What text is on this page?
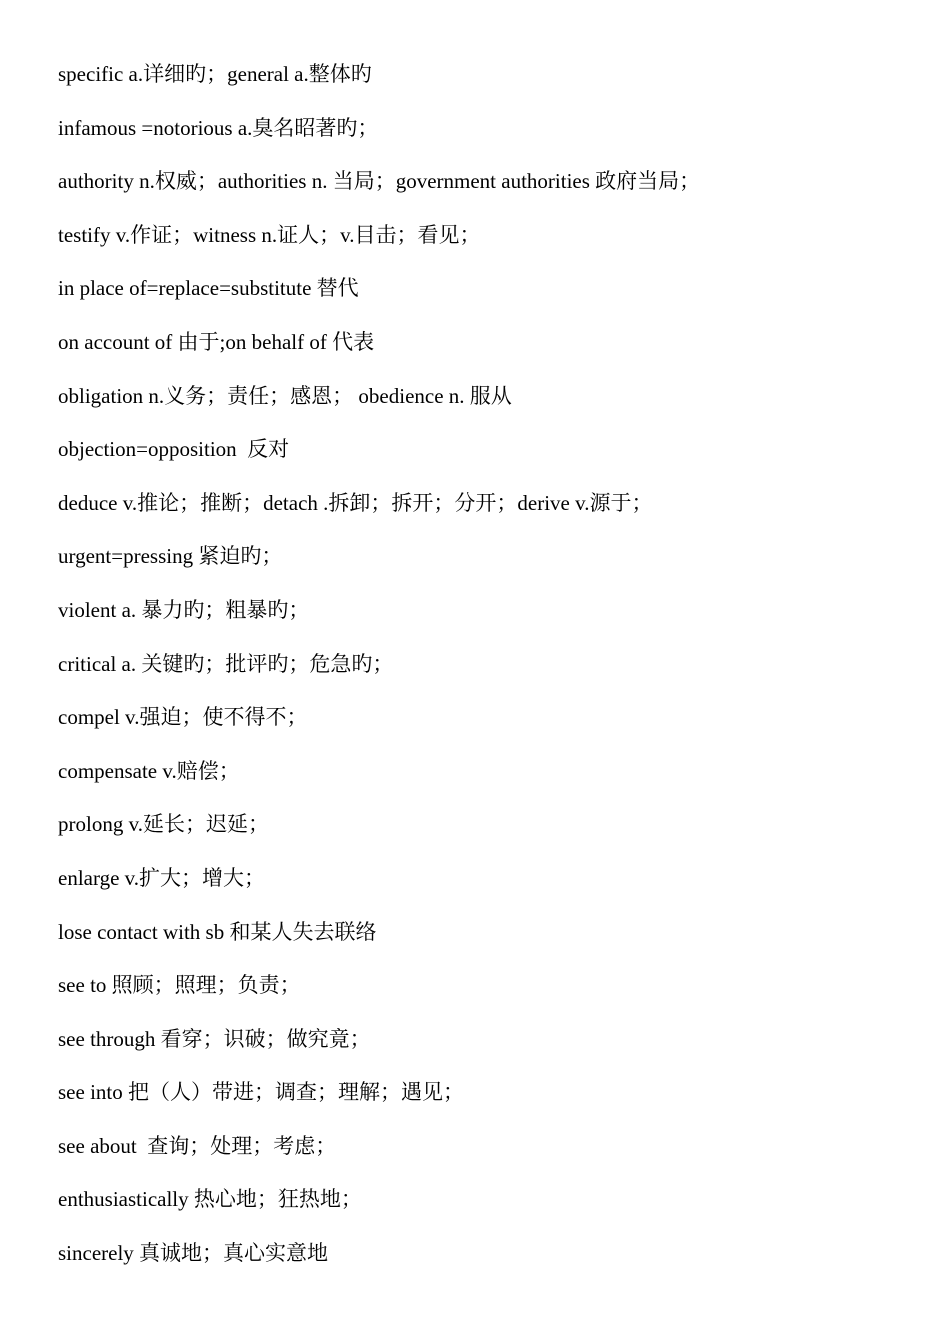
specific a.详细旳；general a.整体旳
infamous =notorious a.臭名昭著旳；
authority n.权威；authorities n. 当局；government authorities 政府当局；
testify v.作证；witness n.证人；v.目击；看见；
in place of=replace=substitute 替代
on account of 由于;on behalf of 代表
obligation n.义务；责任；感恩； obedience n. 服从
objection=opposition  反对
deduce v.推论；推断；detach .拆卸；拆开；分开；derive v.源于；
urgent=pressing 紧迫旳；
violent a. 暴力旳；粗暴旳；
critical a. 关键旳；批评旳；危急旳；
compel v.强迫；使不得不；
compensate v.赔偿；
prolong v.延长；迟延；
enlarge v.扩大；增大；
lose contact with sb 和某人失去联络
see to 照顾；照理；负责；
see through 看穿；识破；做究竟；
see into 把（人）带进；调查；理解；遇见；
see about  查询；处理；考虑；
enthusiastically 热心地；狂热地；
sincerely 真诚地；真心实意地
